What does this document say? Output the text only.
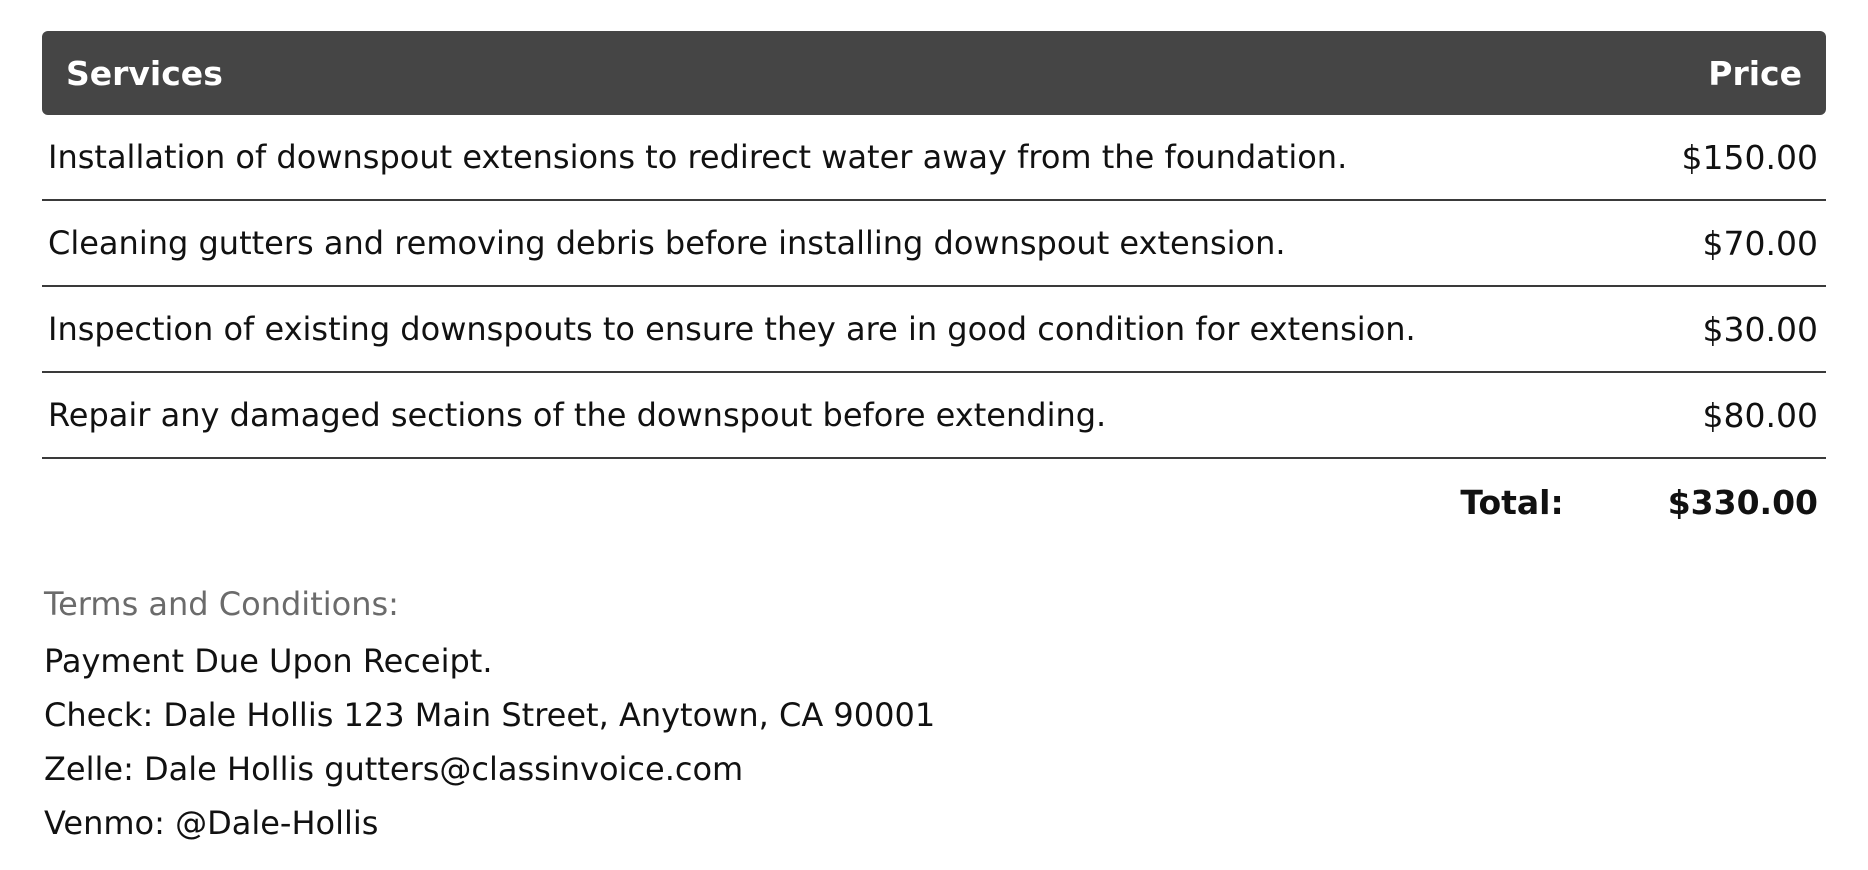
Services	Price
Installation of downspout extensions to redirect water away from the foundation.	$150.00
Cleaning gutters and removing debris before installing downspout extension.	$70.00
Inspection of existing downspouts to ensure they are in good condition for extension.	$30.00
Repair any damaged sections of the downspout before extending.	$80.00
Total:	$330.00
Terms and Conditions:
Payment Due Upon Receipt.
Check: Dale Hollis 123 Main Street, Anytown, CA 90001
Zelle: Dale Hollis gutters@classinvoice.com
Venmo: @Dale-Hollis
